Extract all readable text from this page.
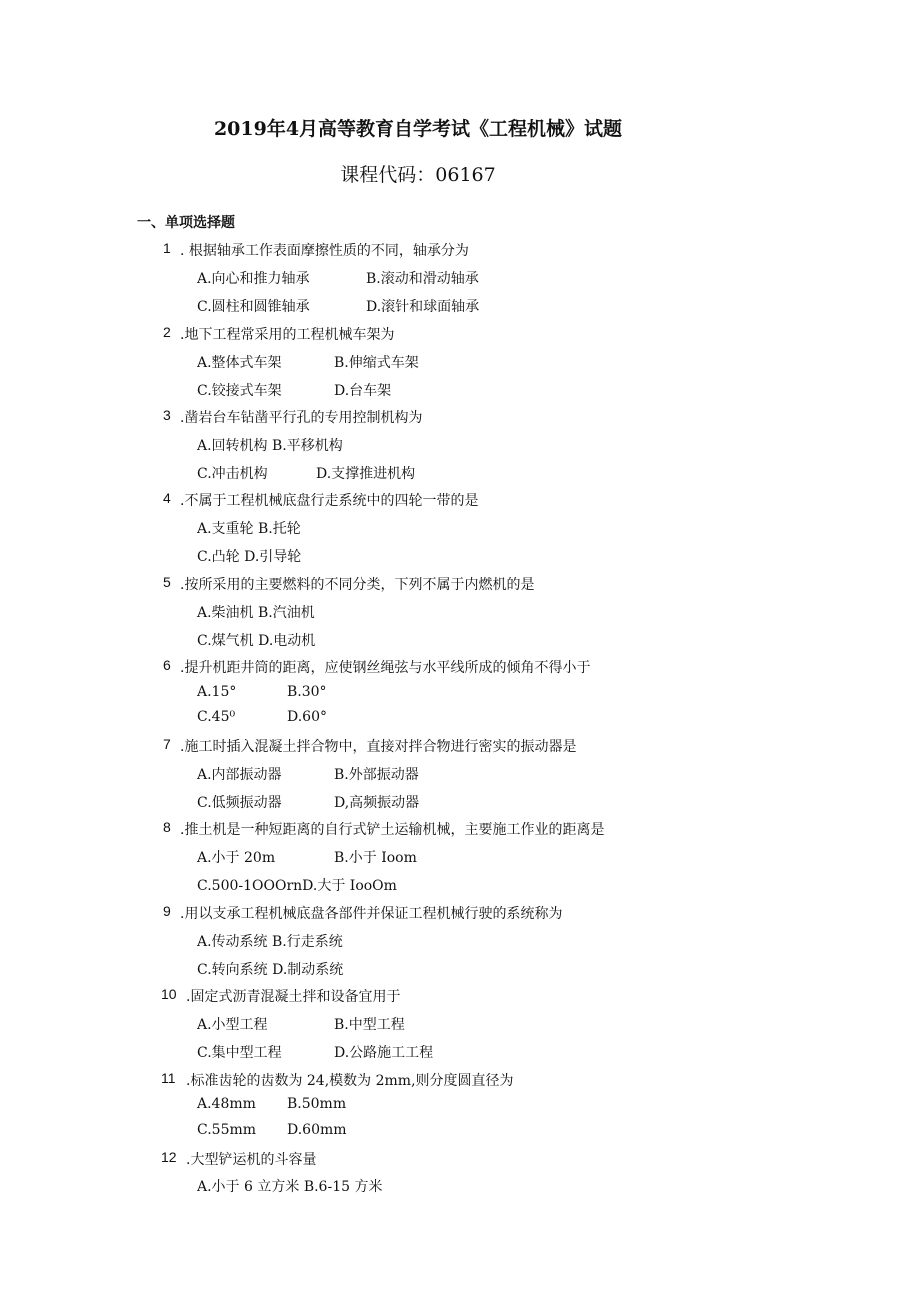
2019年4月高等教育自学考试《工程机械》试题
课程代码：06167
一、单项选择题
1 . 根据轴承工作表面摩擦性质的不同，轴承分为
A.向心和推力轴承	B.滚动和滑动轴承
C.圆柱和圆锥轴承	D.滚针和球面轴承
2 .地下工程常采用的工程机械车架为
A.整体式车架	B.伸缩式车架
C.铰接式车架	D.台车架
3 .凿岩台车钻凿平行孔的专用控制机构为
A.回转机构 B.平移机构
C.冲击机构	D.支撑推进机构
4 .不属于工程机械底盘行走系统中的四轮一带的是
A.支重轮 B.托轮
C.凸轮 D.引导轮
5 .按所采用的主要燃料的不同分类，下列不属于内燃机的是
A.柴油机 B.汽油机
C.煤气机 D.电动机
6 .提升机距井筒的距离，应使钢丝绳弦与水平线所成的倾角不得小于
A.15°	B.30°
C.45⁰	D.60°
7 .施工时插入混凝土拌合物中，直接对拌合物进行密实的振动器是
A.内部振动器	B.外部振动器
C.低频振动器	D,高频振动器
8 .推土机是一种短距离的自行式铲土运输机械，主要施工作业的距离是
A.小于 20m	B.小于 Ioom
C.500-1OOOrnD.大于 IooOm
9 .用以支承工程机械底盘各部件并保证工程机械行驶的系统称为
A.传动系统 B.行走系统
C.转向系统 D.制动系统
10 .固定式沥青混凝土拌和设备宜用于
A.小型工程	B.中型工程
C.集中型工程	D.公路施工工程
11 .标准齿轮的齿数为 24,模数为 2mm,则分度圆直径为
A.48mm B.50mm
C.55mm D.60mm
12 .大型铲运机的斗容量
A.小于 6 立方米 B.6-15 方米
